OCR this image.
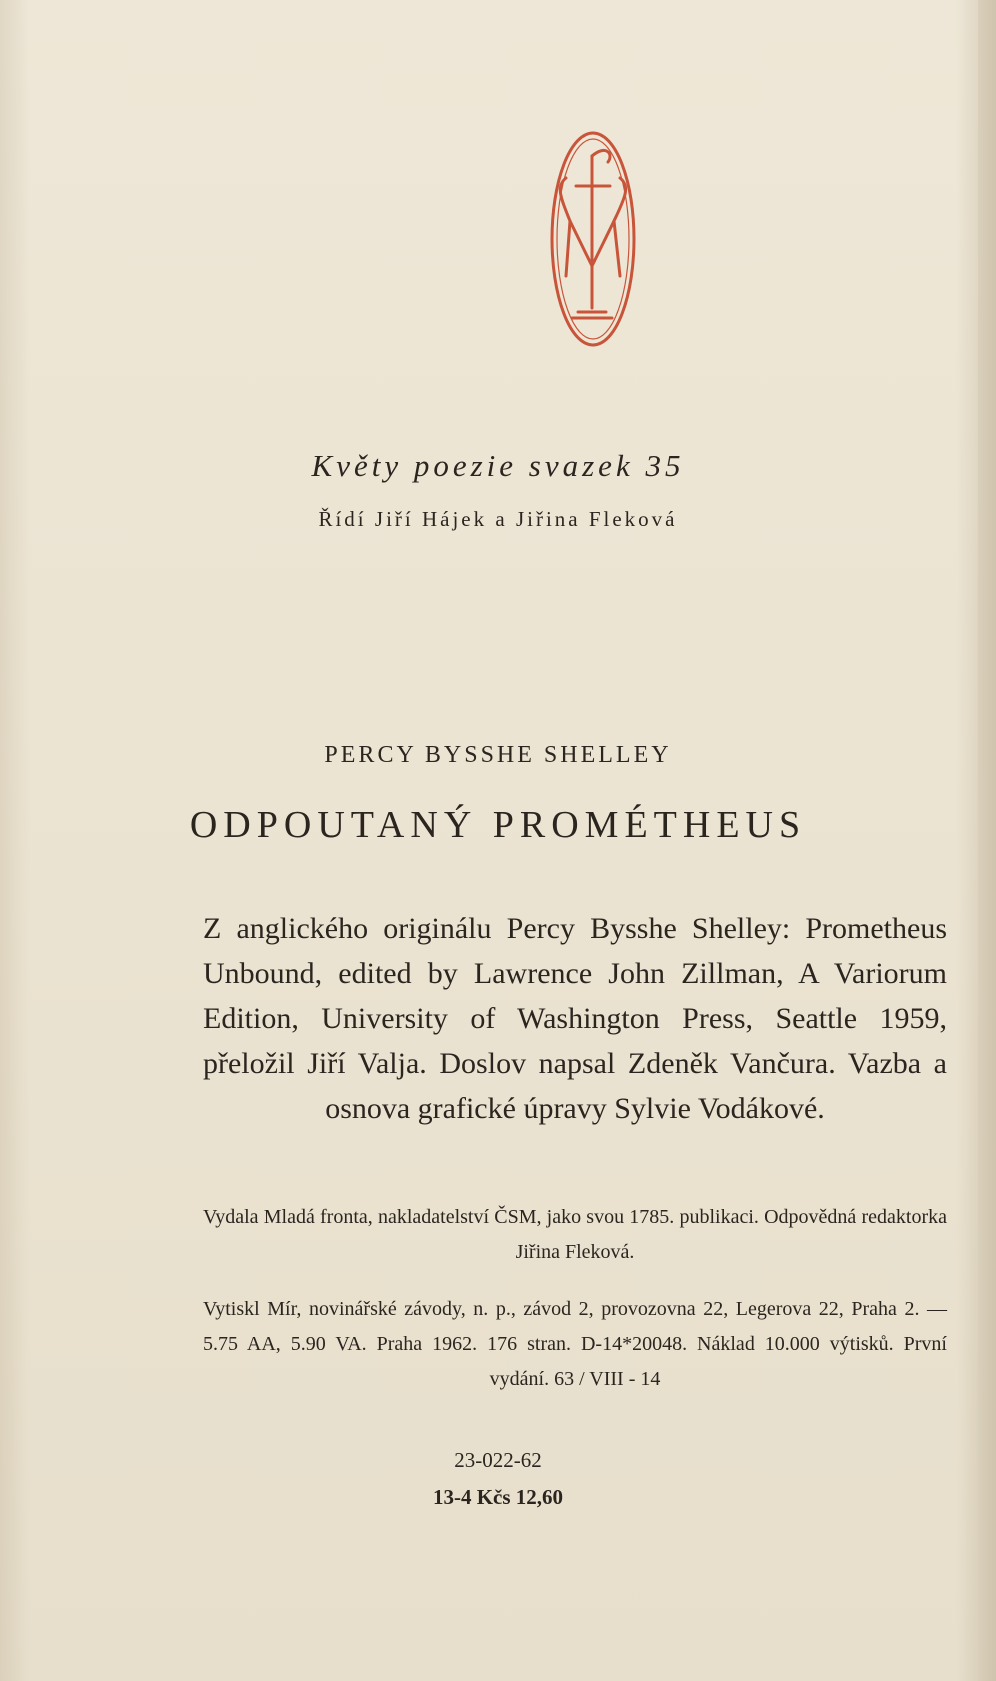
Květy poezie svazek 35
Řídí Jiří Hájek a Jiřina Fleková
PERCY BYSSHE SHELLEY
ODPOUTANÝ PROMÉTHEUS
Z anglického originálu Percy Bysshe Shelley: Prometheus Unbound, edited by Lawrence John Zillman, A Variorum Edition, University of Washington Press, Seattle 1959, přeložil Jiří Valja. Doslov napsal Zdeněk Vančura. Vazba a osnova grafické úpravy Sylvie Vodákové.
Vydala Mladá fronta, nakladatelství ČSM, jako svou 1785. publikaci. Odpovědná redaktorka Jiřina Fleková.
Vytiskl Mír, novinářské závody, n. p., závod 2, provozovna 22, Legerova 22, Praha 2. — 5.75 AA, 5.90 VA. Praha 1962. 176 stran. D-14*20048. Náklad 10.000 výtisků. První vydání. 63 / VIII - 14
23-022-62
13-4 Kčs 12,60
